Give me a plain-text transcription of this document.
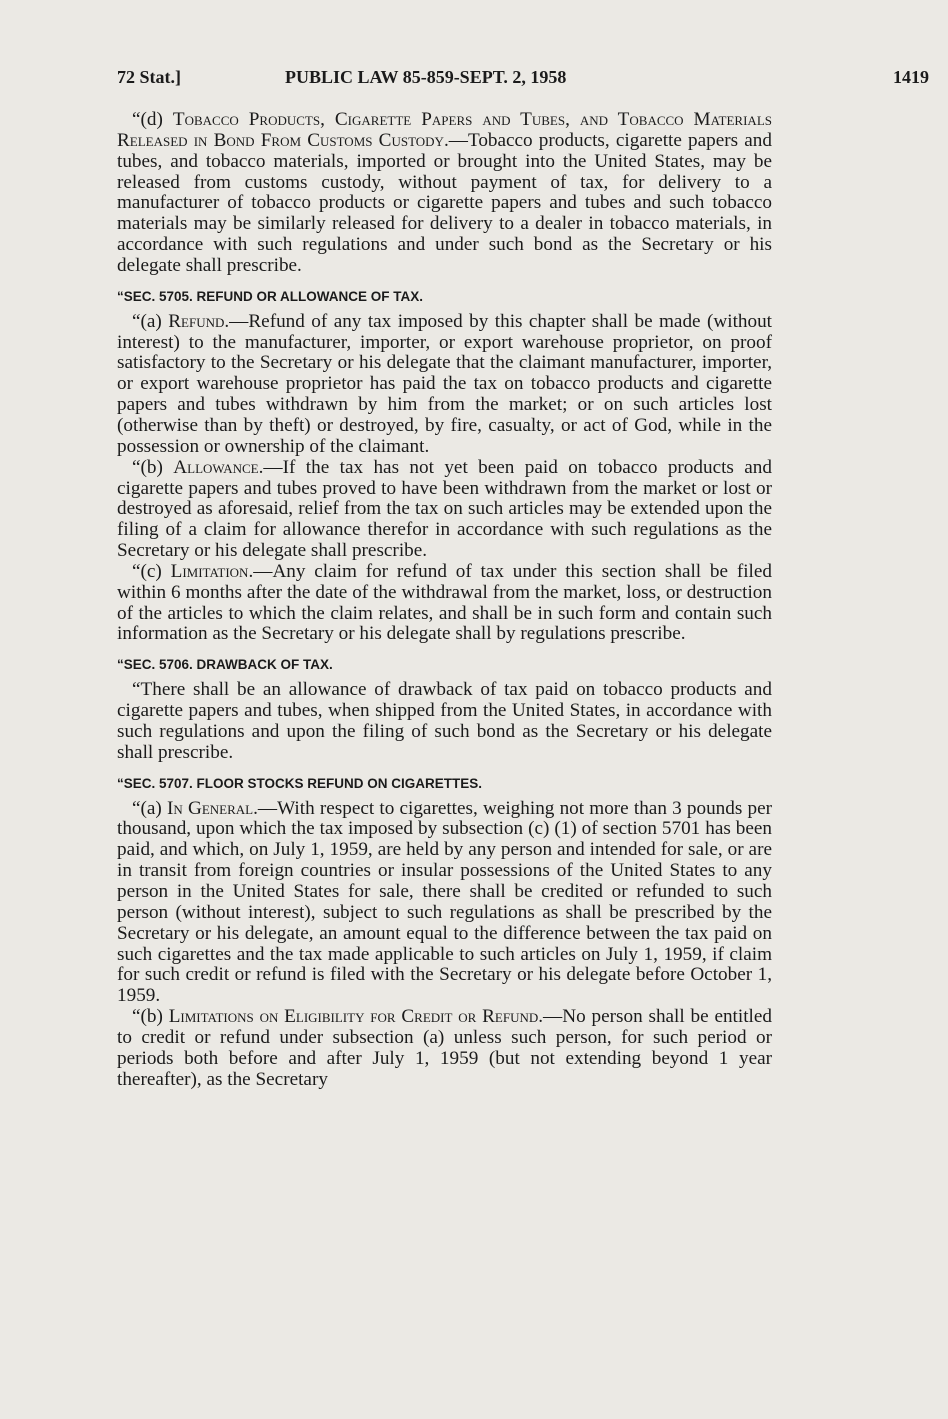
72 Stat.]	PUBLIC LAW 85-859-SEPT. 2, 1958	1419

“(d) Tobacco Products, Cigarette Papers and Tubes, and Tobacco Materials Released in Bond From Customs Custody.—Tobacco products, cigarette papers and tubes, and tobacco materials, imported or brought into the United States, may be released from customs custody, without payment of tax, for delivery to a manufacturer of tobacco products or cigarette papers and tubes and such tobacco materials may be similarly released for delivery to a dealer in tobacco materials, in accordance with such regulations and under such bond as the Secretary or his delegate shall prescribe.

“SEC. 5705. REFUND OR ALLOWANCE OF TAX.

“(a) Refund.—Refund of any tax imposed by this chapter shall be made (without interest) to the manufacturer, importer, or export warehouse proprietor, on proof satisfactory to the Secretary or his delegate that the claimant manufacturer, importer, or export warehouse proprietor has paid the tax on tobacco products and cigarette papers and tubes withdrawn by him from the market; or on such articles lost (otherwise than by theft) or destroyed, by fire, casualty, or act of God, while in the possession or ownership of the claimant.

“(b) Allowance.—If the tax has not yet been paid on tobacco products and cigarette papers and tubes proved to have been withdrawn from the market or lost or destroyed as aforesaid, relief from the tax on such articles may be extended upon the filing of a claim for allowance therefor in accordance with such regulations as the Secretary or his delegate shall prescribe.

“(c) Limitation.—Any claim for refund of tax under this section shall be filed within 6 months after the date of the withdrawal from the market, loss, or destruction of the articles to which the claim relates, and shall be in such form and contain such information as the Secretary or his delegate shall by regulations prescribe.

“SEC. 5706. DRAWBACK OF TAX.

“There shall be an allowance of drawback of tax paid on tobacco products and cigarette papers and tubes, when shipped from the United States, in accordance with such regulations and upon the filing of such bond as the Secretary or his delegate shall prescribe.

“SEC. 5707. FLOOR STOCKS REFUND ON CIGARETTES.

“(a) In General.—With respect to cigarettes, weighing not more than 3 pounds per thousand, upon which the tax imposed by subsection (c) (1) of section 5701 has been paid, and which, on July 1, 1959, are held by any person and intended for sale, or are in transit from foreign countries or insular possessions of the United States to any person in the United States for sale, there shall be credited or refunded to such person (without interest), subject to such regulations as shall be prescribed by the Secretary or his delegate, an amount equal to the difference between the tax paid on such cigarettes and the tax made applicable to such articles on July 1, 1959, if claim for such credit or refund is filed with the Secretary or his delegate before October 1, 1959.

“(b) Limitations on Eligibility for Credit or Refund.—No person shall be entitled to credit or refund under subsection (a) unless such person, for such period or periods both before and after July 1, 1959 (but not extending beyond 1 year thereafter), as the Secretary
